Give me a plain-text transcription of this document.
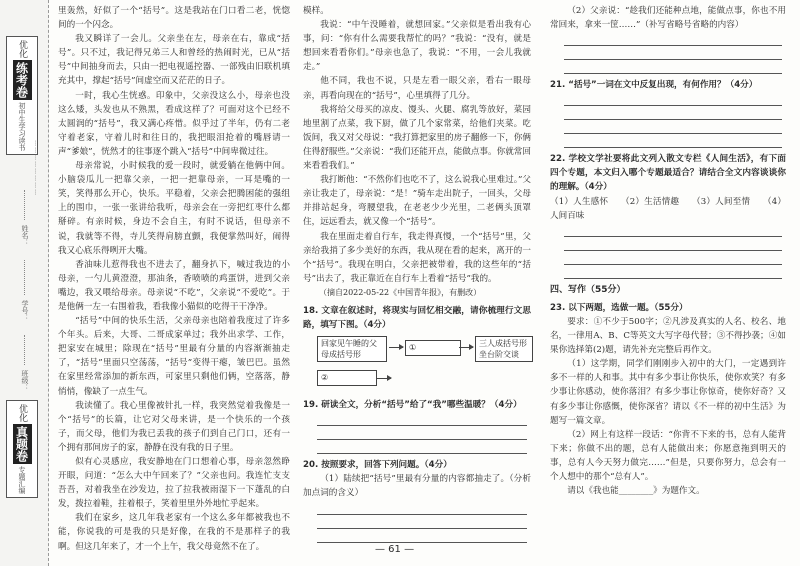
优化
练考卷
初中生学习读书
姓名：
学号：
班级：
……………………
优化
真题卷
专题汇编

里轰然，好似了一个“括号”。这是我站在门口看二老，恍惚间的一个闪念。

我又瞬详了一会儿。父亲坐在左，母亲在右，靠成“括号”。只不过，我记得兄弟三人和曾经的热闹时光，已从“括号”中间抽身而去，只由一把电视遥控器、一部残由旧联机填充其中，撑起“括号”间虚空而又茫茫的日子。

一时，我心生恍惑。印象中，父亲没这么小，母亲也没这么矮，头发也从不熟黑，看成这样了？可面对这个已经不太圆润的“括号”，我又满心疼惜。似乎过了半年，仍有二老守着老家，守着儿时和往日的，我把眼泪抢着的嘴唇请一声“爹娘”，恍然才的往事逐个跳入“括号”中间卑微过往。

母亲常说，小时候我的爱一段时，就爱躺在他俩中间。小脑袋瓜儿一把靠父亲，一把一把靠母亲，一耳是嘴的一笑，笑得那么开心，快乐。平稳着，父亲会把腾困能的强组上的围巾，一张一张讲给我听，母亲会在一旁把红枣什么都掰碎。有亲时候，身边不会自主，有时不说话，但母亲不说，我就等不得，寺儿笑得肩膀直颤，我便掌然叫好，闹得我又心底乐得咧开大嘴。

香油味儿惹得我也不进去了，翻身扒下，喊过我边的小母亲，一勺儿黄澄澄，那油条，香喷喷的鸡蛋饼，进到父亲嘴边，我又喂给母亲。母亲说“不吃”，父亲说“不爱吃”。于是他俩一左一右围着我，看我像小猫似的吃得干干净净。

“括号”中间的快乐生活，父亲母亲也陪着我度过了许多个年头。后来，大哥、二哥成家单过；我外出求学、工作，把家安在城里；除现在“括号”里最有分量的内容渐渐抽走了，“括号”里面只空荡荡，“括号”变得干瘪，皱巴巴。虽然在家里经常添加的新东西，可家里只剩他们俩，空落落，静悄悄，像缺了一点生气。

我读懂了。我心里像被针扎一样，我突然觉着我像是一个“括号”的长篇，让它对父母来讲，是一个快乐的一个孩子，而父母，他们为我已丢我的孩子们到自己门口，还有一个拥有那间房子的家，静静在没有我的日子里。

似有心灵感应，我安静地在门口想着心事，母亲忽然睁开眼，问道：“怎么大中午回来了？”父亲也问。我连忙支支吾吾，对着我坐在沙发边，拉了拉我被雨湿下一下蓬乱的白发，拨拉着鞋，拄着根子，笑着里里外外地忙乎起来。

我们在家乡，这几年我老家有一个这么多年都被我也不能，你说我的可是我的只是好像，在我的不是那样子的我啊。但这几年来了，才一个上午，我父母竟然不在了。

模样。

我说：“中午没睡着，就想回家。”父亲似是看出我有心事，问：“你有什么需要我帮忙的吗？”我说：“没有，就是想回来看看你们。”母亲也急了，我说：“不用，一会儿我就走。”

他不同，我也不说，只是左看一眼父亲，看右一眼母亲，再看向现在的“括号”，心里填得了几分。

我将给父母买的凉皮、馒头、火腿、腐乳等放好，菜园地里割了点菜，我下厨，做了几个家常菜，给他们夹菜。吃饭间，我又对父母说：“我打算把家里的房子翻修一下，你俩住得舒服些。”父亲说：“我们还能开点，能做点事。你就常回来看看我们。”

我打断他：“不然你们也吃不了，这么说我心里难过。”父亲让我走了，母亲说：“是！”骑车走出院子，一回头，父母并排站起身，弯腰望我，在老老少少光里，二老俩头顶罩住，远远看去，就又像一个“括号”。

我在里面走着自行车，我走得真慢，一个“括号”里，父亲给我捎了多少美好的东西，我从现在看的起来，离开的一个“括号”。我现在明白，父亲把被带着，我的这些年的“括号”出去了，我正靠近在自行车上看着“括号”我的。

（摘自2022-05-22《中国青年报》，有删改）

18. 文章在叙述时，将现实与回忆相交融，请你梳理行文思路，填写下图。（4分）

回家见午睡的父母成括号形
①	三人成括号形坐台阶交谈
②

19. 研读全文，分析“括号”给了“我”哪些温暖？（4分）

20. 按照要求，回答下列问题。（4分）

（1）陆续把“括号”里最有分量的内容都抽走了。（分析加点词的含义）

（2）父亲说：“趁我们还能种点地，能做点事，你也不用常回来，拿来一筐……”（补写省略号省略的内容）

21. “括号”一词在文中反复出现，有何作用？（4分）

22. 学校文学社要将此文列入散文专栏《人间生活》，有下面四个专题，本文归入哪个专题最适合？请结合全文内容谈谈你的理解。（4分）

（1）人生感怀 （2）生活情趣 （3）人间至情 （4）人间百味

四、写作（55分）

23. 以下两题，选做一题。（55分）

要求：①不少于500字；②凡涉及真实的人名、校名、地名，一律用A、B、C等英文大写字母代替；③不得抄袭；④如果你选择第(2)题，请先补充完整后再作文。

（1）这学期，同学们刚刚步入初中的大门，一定遇到许多不一样的人和事。其中有多少事让你快乐，使你欢笑？有多少事让你感动，使你落泪？有多少事让你惊奇，使你好奇？又有多少事让你感慨，使你深省？请以《不一样的初中生活》为题写一篇文章。

（2）网上有这样一段话：“你背不下来的书，总有人能背下来；你做不出的题，总有人能做出来；你愿意拖到明天的事，总有人今天努力做完……”但是，只要你努力，总会有一个人想中的那个“总有人”。

请以《我也能________》为题作文。

— 61 —
